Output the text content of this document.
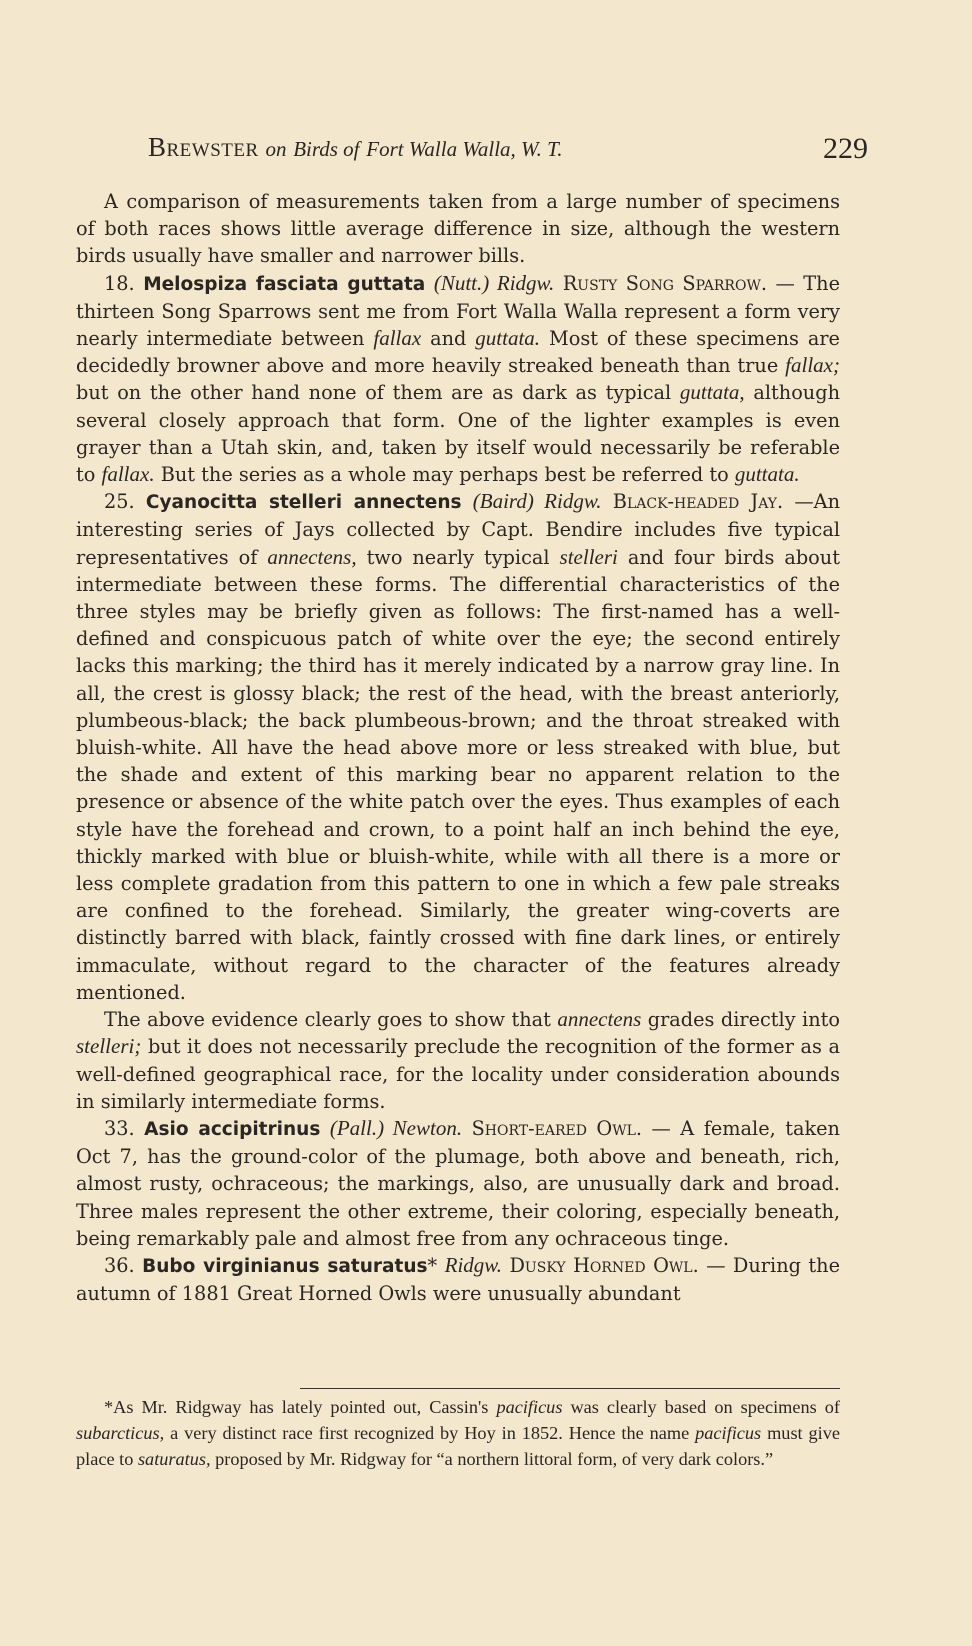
Brewster on Birds of Fort Walla Walla, W. T.	229

A comparison of measurements taken from a large number of specimens of both races shows little average difference in size, although the western birds usually have smaller and narrower bills.

18. Melospiza fasciata guttata (Nutt.) Ridgw. Rusty Song Sparrow. — The thirteen Song Sparrows sent me from Fort Walla Walla represent a form very nearly intermediate between fallax and guttata. Most of these specimens are decidedly browner above and more heavily streaked beneath than true fallax; but on the other hand none of them are as dark as typical guttata, although several closely approach that form. One of the lighter examples is even grayer than a Utah skin, and, taken by itself would necessarily be referable to fallax. But the series as a whole may perhaps best be referred to guttata.

25. Cyanocitta stelleri annectens (Baird) Ridgw. Black-headed Jay. —An interesting series of Jays collected by Capt. Bendire includes five typical representatives of annectens, two nearly typical stelleri and four birds about intermediate between these forms. The differential characteristics of the three styles may be briefly given as follows: The first-named has a well-defined and conspicuous patch of white over the eye; the second entirely lacks this marking; the third has it merely indicated by a narrow gray line. In all, the crest is glossy black; the rest of the head, with the breast anteriorly, plumbeous-black; the back plumbeous-brown; and the throat streaked with bluish-white. All have the head above more or less streaked with blue, but the shade and extent of this marking bear no apparent relation to the presence or absence of the white patch over the eyes. Thus examples of each style have the forehead and crown, to a point half an inch behind the eye, thickly marked with blue or bluish-white, while with all there is a more or less complete gradation from this pattern to one in which a few pale streaks are confined to the forehead. Similarly, the greater wing-coverts are distinctly barred with black, faintly crossed with fine dark lines, or entirely immaculate, without regard to the character of the features already mentioned.

The above evidence clearly goes to show that annectens grades directly into stelleri; but it does not necessarily preclude the recognition of the former as a well-defined geographical race, for the locality under consideration abounds in similarly intermediate forms.

33. Asio accipitrinus (Pall.) Newton. Short-eared Owl. — A female, taken Oct 7, has the ground-color of the plumage, both above and beneath, rich, almost rusty, ochraceous; the markings, also, are unusually dark and broad. Three males represent the other extreme, their coloring, especially beneath, being remarkably pale and almost free from any ochraceous tinge.

36. Bubo virginianus saturatus* Ridgw. Dusky Horned Owl. — During the autumn of 1881 Great Horned Owls were unusually abundant

*As Mr. Ridgway has lately pointed out, Cassin's pacificus was clearly based on specimens of subarcticus, a very distinct race first recognized by Hoy in 1852. Hence the name pacificus must give place to saturatus, proposed by Mr. Ridgway for “a northern littoral form, of very dark colors.”
